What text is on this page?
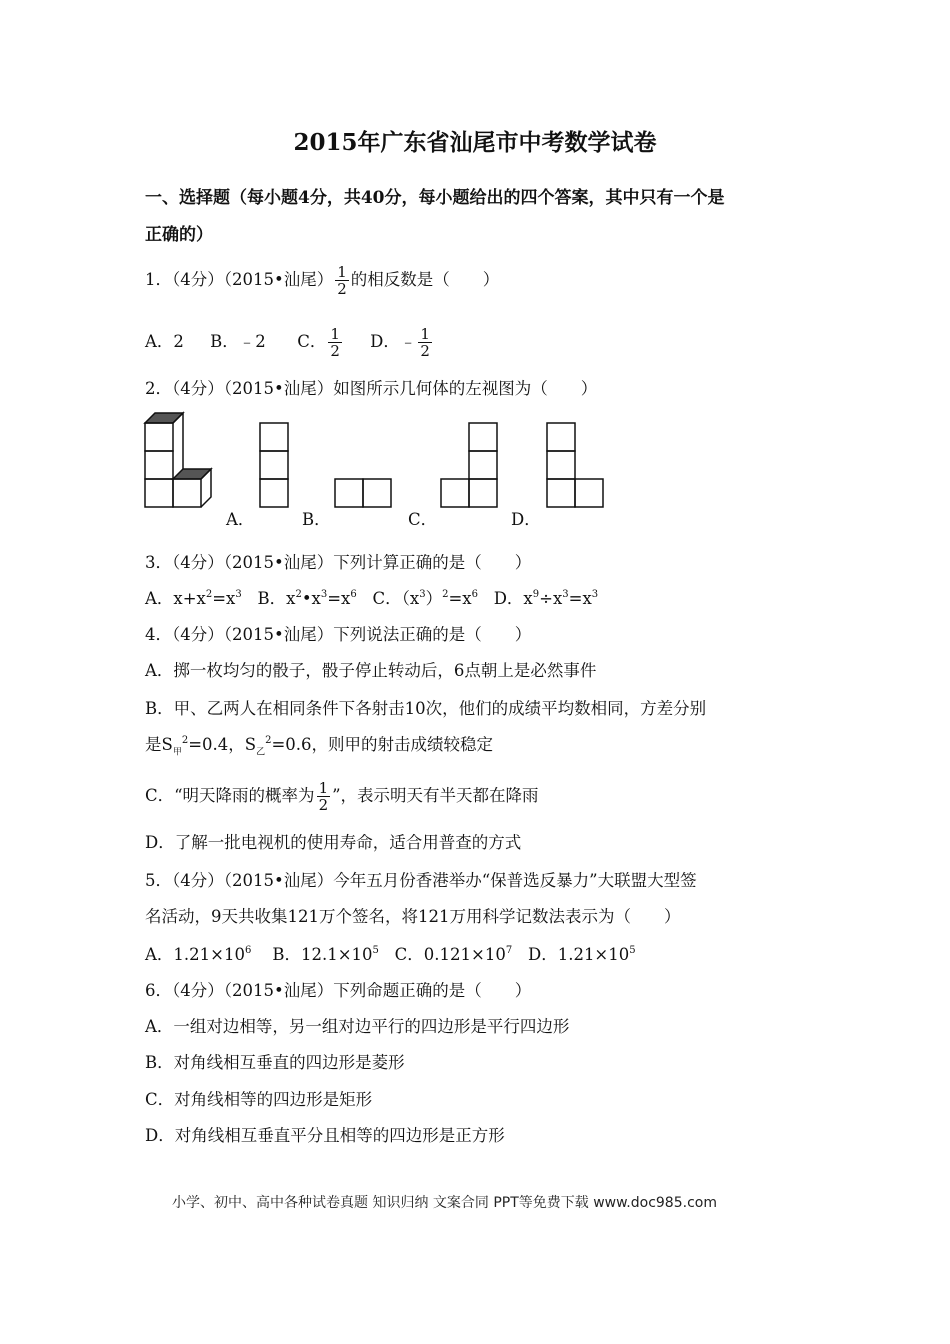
2015年广东省汕尾市中考数学试卷
一、选择题（每小题4分，共40分，每小题给出的四个答案，其中只有一个是
正确的）
1．（4分）（2015•汕尾） $\frac{1}{2}$ 的相反数是（　　）
A．2 B．﹣2 C． $\frac{1}{2}$ D．﹣ $\frac{1}{2}$
2．（4分）（2015•汕尾）如图所示几何体的左视图为（　　）
A．	B．	C．	D．
3．（4分）（2015•汕尾）下列计算正确的是（　　）
A．$x+x^2=x^3$ B．$x^2•x^3=x^6$ C．$(x^3)^2=x^6$ D．$x^9\div x^3=x^3$
4．（4分）（2015•汕尾）下列说法正确的是（　　）
A．掷一枚均匀的骰子，骰子停止转动后，6点朝上是必然事件
B．甲、乙两人在相同条件下各射击10次，他们的成绩平均数相同，方差分别
是$S_甲^2=0.4$，$S_乙^2=0.6$，则甲的射击成绩较稳定
C．“明天降雨的概率为 $\frac{1}{2}$ ”，表示明天有半天都在降雨
D．了解一批电视机的使用寿命，适合用普查的方式
5．（4分）（2015•汕尾）今年五月份香港举办“保普选反暴力”大联盟大型签
名活动，9天共收集121万个签名，将121万用科学记数法表示为（　　）
A．$1.21\times 10^6$ B．$12.1\times 10^5$ C．$0.121\times 10^7$ D．$1.21\times 10^5$
6．（4分）（2015•汕尾）下列命题正确的是（　　）
A．一组对边相等，另一组对边平行的四边形是平行四边形
B．对角线相互垂直的四边形是菱形
C．对角线相等的四边形是矩形
D．对角线相互垂直平分且相等的四边形是正方形
小学、初中、高中各种试卷真题 知识归纳 文案合同 PPT等免费下载 www.doc985.com
